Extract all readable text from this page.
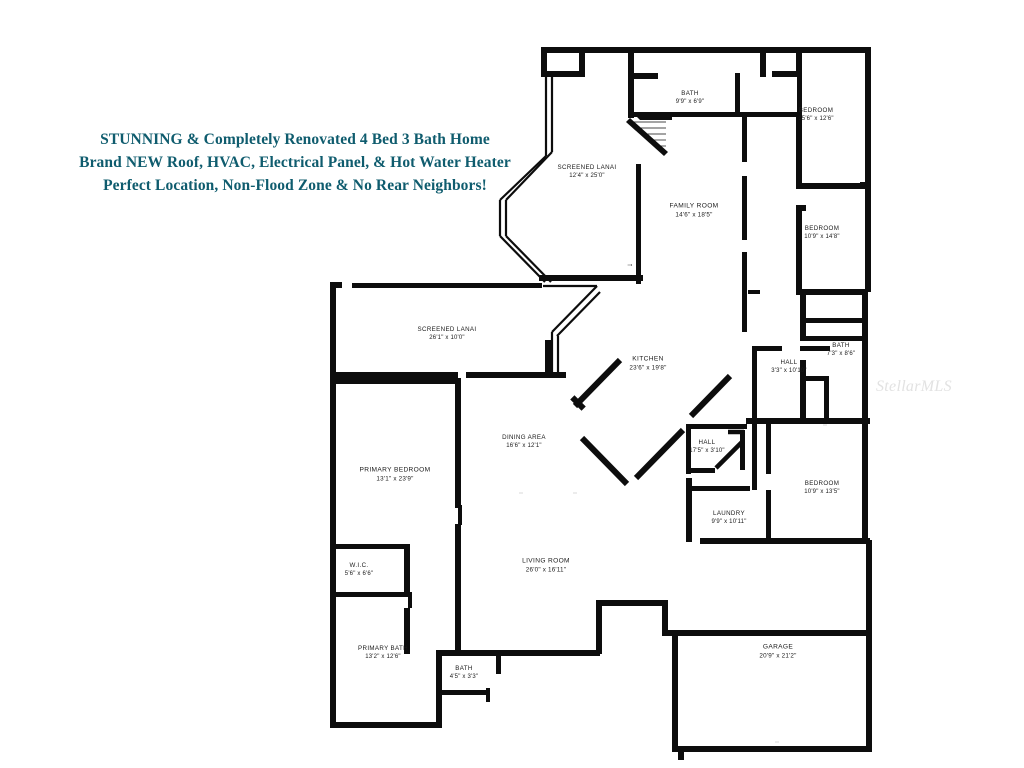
STUNNING & Completely Renovated 4 Bed 3 Bath Home
Brand NEW Roof, HVAC, Electrical Panel, & Hot Water Heater
Perfect Location, Non-Flood Zone & No Rear Neighbors!
StellarMLS
BATH
9'9" x 6'9"
BEDROOM
15'6" x 12'6"
SCREENED LANAI
12'4" x 25'0"
FAMILY ROOM
14'6" x 18'5"
BEDROOM
10'9" x 14'8"
SCREENED LANAI
26'1" x 10'0"
BATH
7'3" x 8'6"
KITCHEN
23'6" x 19'8"
HALL
3'3" x 10'10"
DINING AREA
16'6" x 12'1"	HALL
17'5" x 3'10"
PRIMARY BEDROOM
13'1" x 23'9"
BEDROOM
10'9" x 13'5"
LAUNDRY
9'9" x 10'11"
W.I.C.
5'6" x 6'6"
LIVING ROOM
26'0" x 16'11"
GARAGE
20'9" x 21'2"
PRIMARY BATH
13'2" x 12'6"
BATH
4'5" x 3'3"
